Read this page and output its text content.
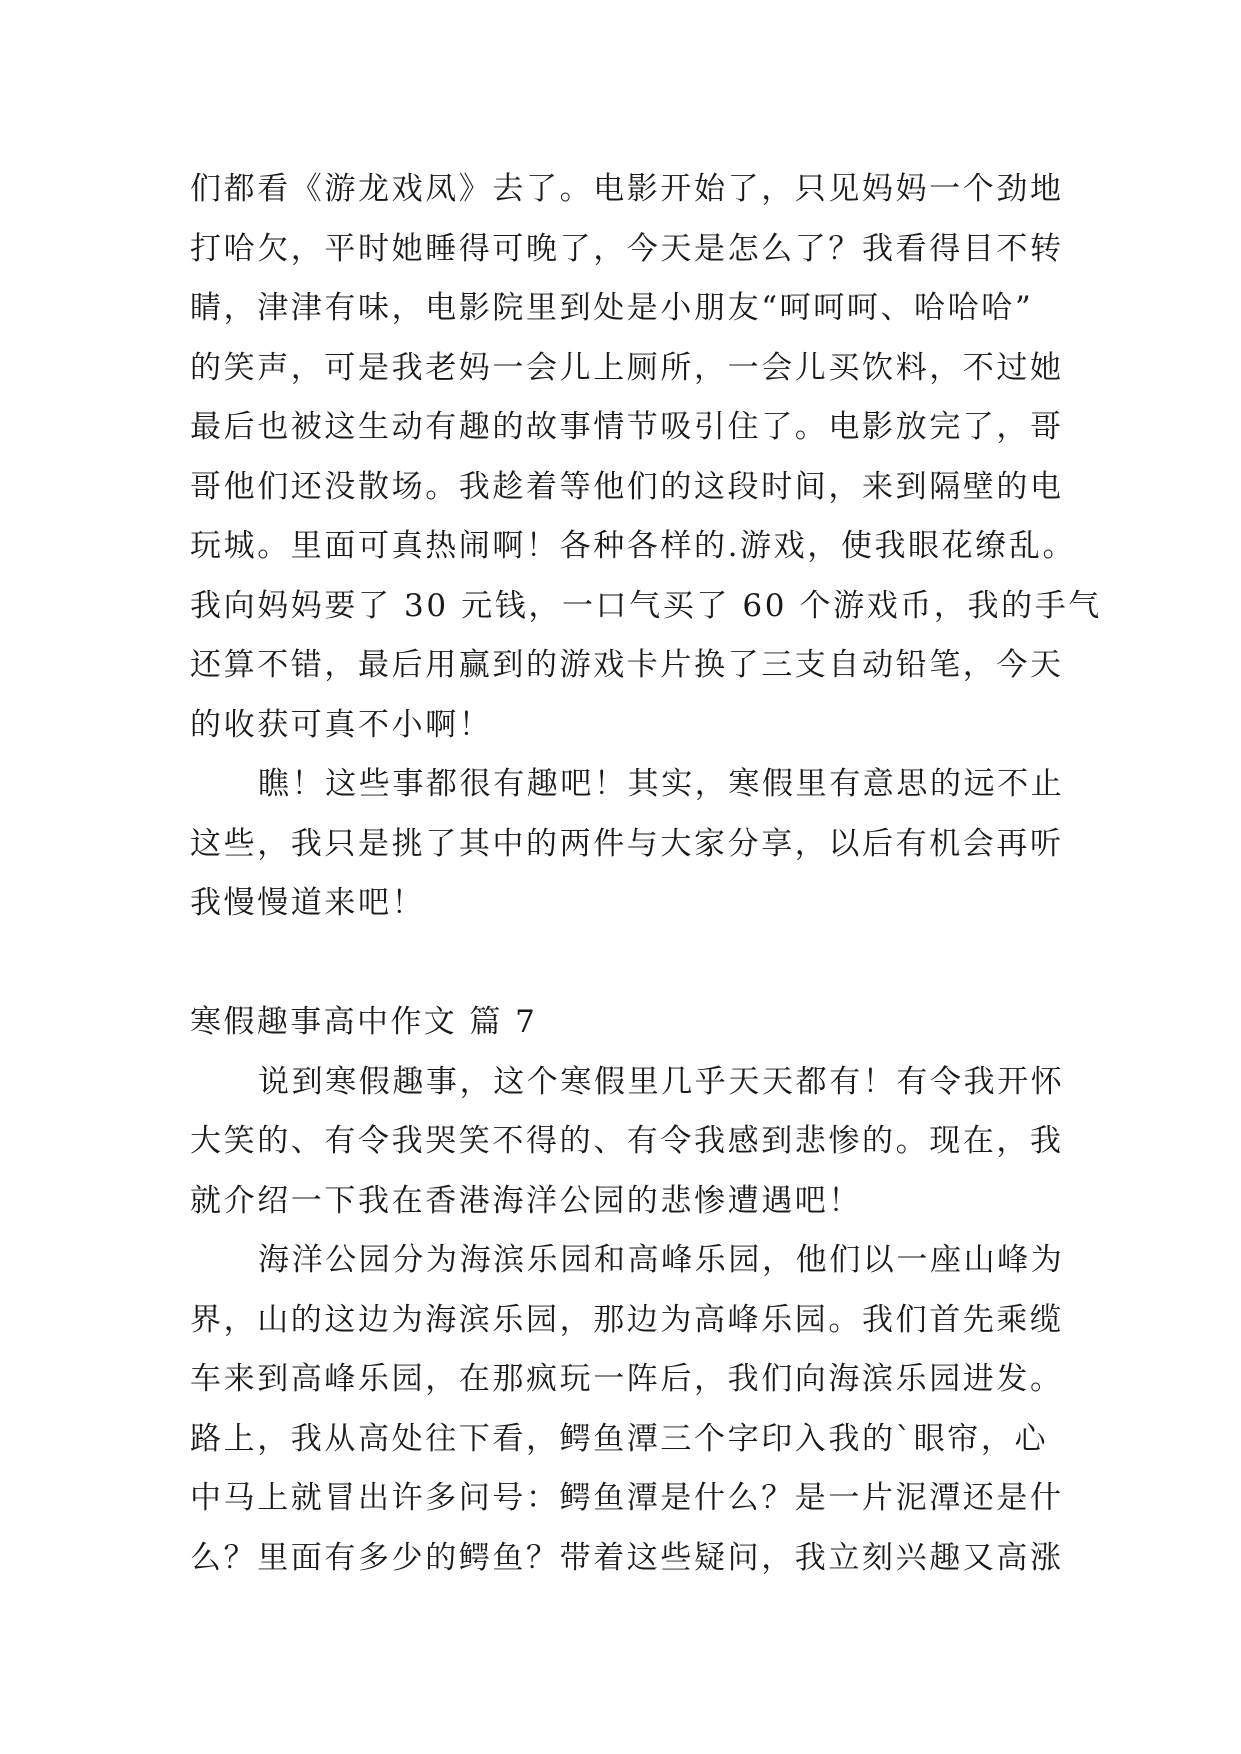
们都看《游龙戏凤》去了。电影开始了，只见妈妈一个劲地
打哈欠，平时她睡得可晚了，今天是怎么了？我看得目不转
睛，津津有味，电影院里到处是小朋友“呵呵呵、哈哈哈”
的笑声，可是我老妈一会儿上厕所，一会儿买饮料，不过她
最后也被这生动有趣的故事情节吸引住了。电影放完了，哥
哥他们还没散场。我趁着等他们的这段时间，来到隔壁的电
玩城。里面可真热闹啊！各种各样的.游戏，使我眼花缭乱。
我向妈妈要了 30 元钱，一口气买了 60 个游戏币，我的手气
还算不错，最后用赢到的游戏卡片换了三支自动铅笔，今天
的收获可真不小啊！
瞧！这些事都很有趣吧！其实，寒假里有意思的远不止
这些，我只是挑了其中的两件与大家分享，以后有机会再听
我慢慢道来吧！
寒假趣事高中作文 篇 7
说到寒假趣事，这个寒假里几乎天天都有！有令我开怀
大笑的、有令我哭笑不得的、有令我感到悲惨的。现在，我
就介绍一下我在香港海洋公园的悲惨遭遇吧！
海洋公园分为海滨乐园和高峰乐园，他们以一座山峰为
界，山的这边为海滨乐园，那边为高峰乐园。我们首先乘缆
车来到高峰乐园，在那疯玩一阵后，我们向海滨乐园进发。
路上，我从高处往下看，鳄鱼潭三个字印入我的`眼帘，心
中马上就冒出许多问号：鳄鱼潭是什么？是一片泥潭还是什
么？里面有多少的鳄鱼？带着这些疑问，我立刻兴趣又高涨
